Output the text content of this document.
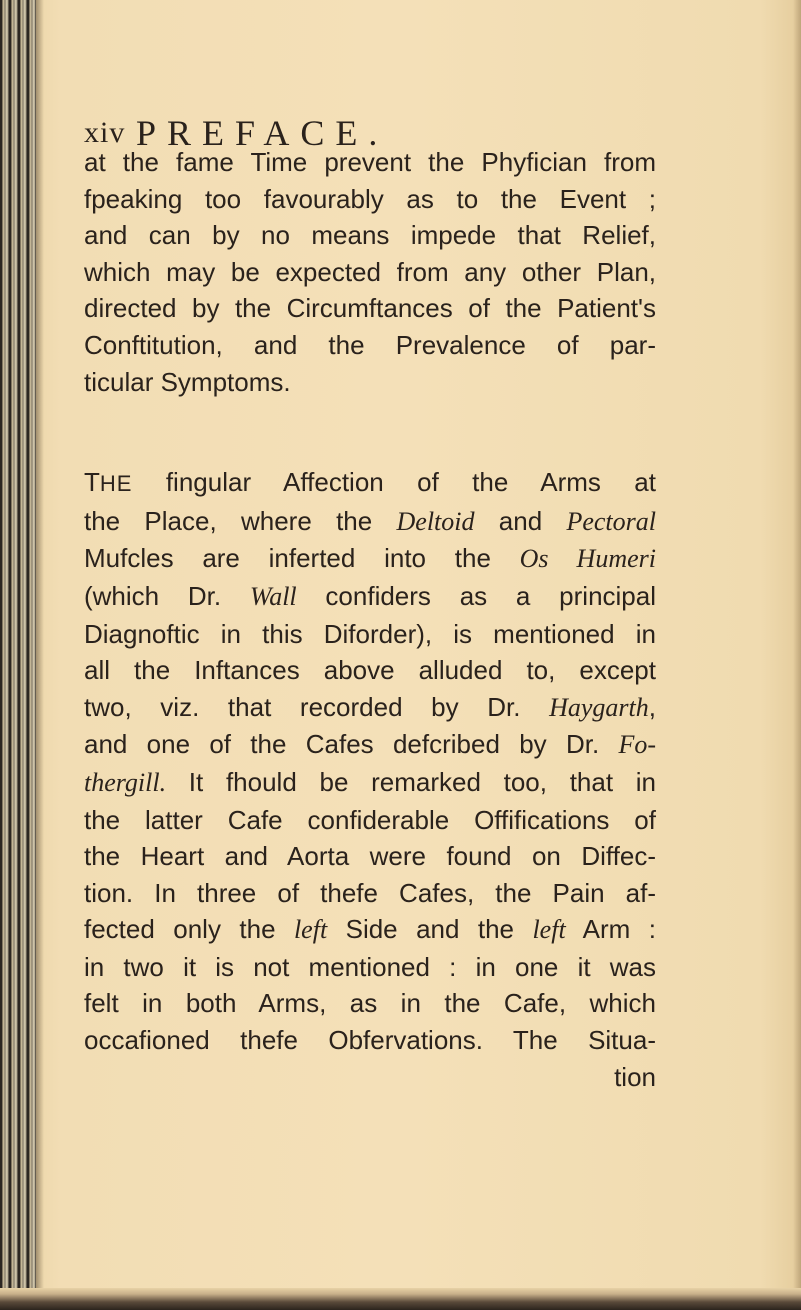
xiv PREFACE.
at the fame Time prevent the Phyfician from
fpeaking too favourably as to the Event ;
and can by no means impede that Relief,
which may be expected from any other Plan,
directed by the Circumftances of the Patient's
Conftitution, and the Prevalence of par-
ticular Symptoms.
THE fingular Affection of the Arms at
the Place, where the Deltoid and Pectoral
Mufcles are inferted into the Os Humeri
(which Dr. Wall confiders as a principal
Diagnoftic in this Diforder), is mentioned in
all the Inftances above alluded to, except
two, viz. that recorded by Dr. Haygarth,
and one of the Cafes defcribed by Dr. Fo-
thergill. It fhould be remarked too, that in
the latter Cafe confiderable Offifications of
the Heart and Aorta were found on Diffec-
tion. In three of thefe Cafes, the Pain af-
fected only the left Side and the left Arm :
in two it is not mentioned : in one it was
felt in both Arms, as in the Cafe, which
occafioned thefe Obfervations. The Situa-
tion
